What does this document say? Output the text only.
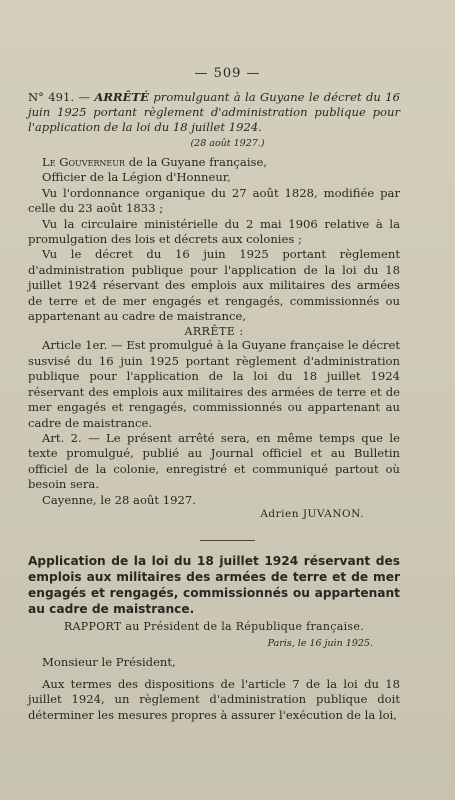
— 509 —
N° 491. — ARRÊTÉ promulguant à la Guyane le décret du 16 juin 1925 portant règlement d'administration publique pour l'application de la loi du 18 juillet 1924.
(28 août 1927.)

Le Gouverneur de la Guyane française,

Officier de la Légion d'Honneur,

Vu l'ordonnance organique du 27 août 1828, modifiée par celle du 23 août 1833 ;

Vu la circulaire ministérielle du 2 mai 1906 relative à la promulgation des lois et décrets aux colonies ;

Vu le décret du 16 juin 1925 portant règlement d'administration publique pour l'application de la loi du 18 juillet 1924 réservant des emplois aux militaires des armées de terre et de mer engagés et rengagés, commissionnés ou appartenant au cadre de maistrance,

ARRÊTE :

Article 1er. — Est promulgué à la Guyane française le décret susvisé du 16 juin 1925 portant règlement d'administration publique pour l'application de la loi du 18 juillet 1924 réservant des emplois aux militaires des armées de terre et de mer engagés et rengagés, commissionnés ou appartenant au cadre de maistrance.

Art. 2. — Le présent arrêté sera, en même temps que le texte promulgué, publié au Journal officiel et au Bulletin officiel de la colonie, enregistré et communiqué partout où besoin sera.

Cayenne, le 28 août 1927.

Adrien JUVANON.

Application de la loi du 18 juillet 1924 réservant des emplois aux militaires des armées de terre et de mer engagés et rengagés, commissionnés ou appartenant au cadre de maistrance.
RAPPORT au Président de la République française.
Paris, le 16 juin 1925.
Monsieur le Président,

Aux termes des dispositions de l'article 7 de la loi du 18 juillet 1924, un règlement d'administration publique doit déterminer les mesures propres à assurer l'exécution de la loi,
